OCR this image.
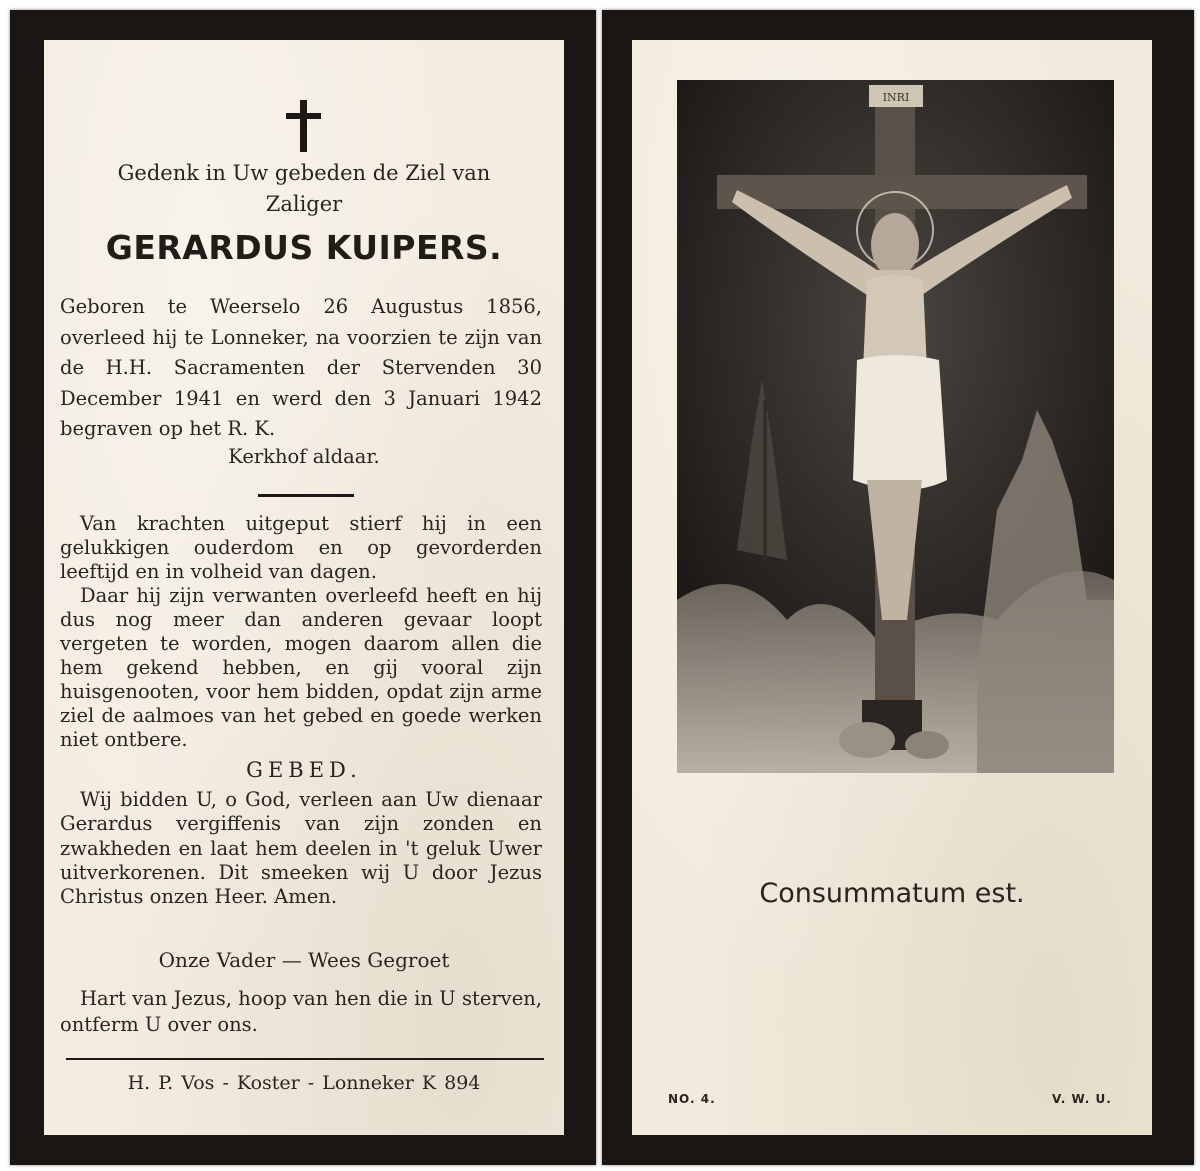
Gedenk in Uw gebeden de Ziel van
Zaliger
GERARDUS KUIPERS.
Geboren te Weerselo 26 Augustus 1856, overleed hij te Lonneker, na voorzien te zijn van de H.H. Sacramenten der Stervenden 30 December 1941 en werd den 3 Januari 1942 begraven op het R. K.
Kerkhof aldaar.

Van krachten uitgeput stierf hij in een gelukkigen ouderdom en op gevorderden leeftijd en in volheid van dagen.

Daar hij zijn verwanten overleefd heeft en hij dus nog meer dan anderen gevaar loopt vergeten te worden, mogen daarom allen die hem gekend hebben, en gij vooral zijn huisgenooten, voor hem bidden, opdat zijn arme ziel de aalmoes van het gebed en goede werken niet ontbere.

GEBED.

Wij bidden U, o God, verleen aan Uw dienaar Gerardus vergiffenis van zijn zonden en zwakheden en laat hem deelen in 't geluk Uwer uitverkorenen. Dit smeeken wij U door Jezus Christus onzen Heer. Amen.

Onze Vader — Wees Gegroet

Hart van Jezus, hoop van hen die in U sterven, ontferm U over ons.

H. P. Vos - Koster - Lonneker K 894
INRI
Consummatum est.
NO. 4.	V. W. U.
